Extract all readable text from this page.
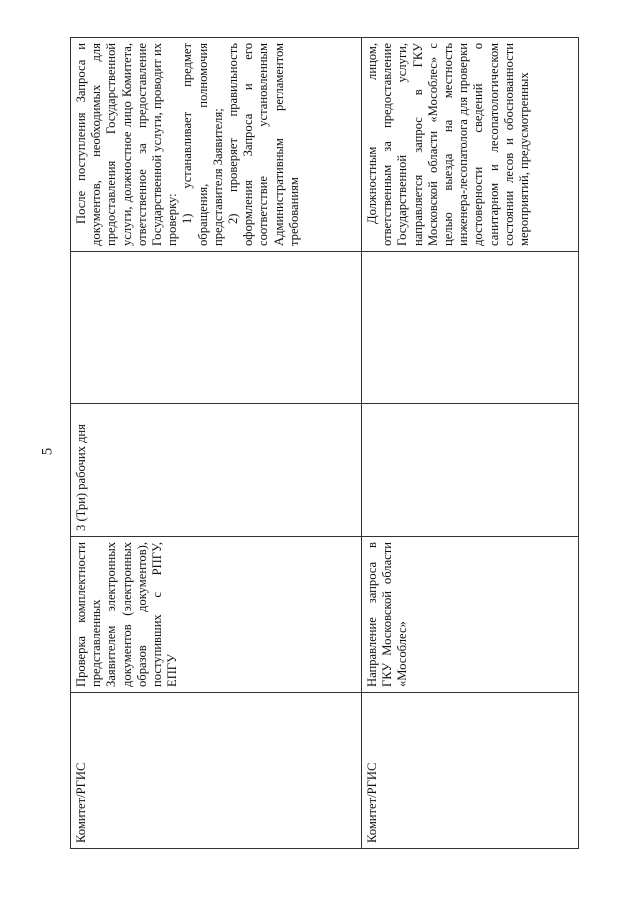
5
Комитет/РГИС
Проверка комплектности представленных Заявителем электронных документов (электронных образов документов), поступивших с РПГУ, ЕПГУ
3 (Три) рабочих дня

После поступления Запроса и документов, необходимых для предоставления Государственной услуги, должностное лицо Комитета, ответственное за предоставление Государственной услуги, проводит их проверку: 1) устанавливает предмет обращения, полномочия представителя Заявителя; 2) проверяет правильность оформления Запроса и его соответствие установленным Административным регламентом требованиям

Комитет/РГИС
Направление запроса в ГКУ Московской области «Мособлес»

Должностным лицом, ответственным за предоставление Государственной услуги, направляется запрос в ГКУ Московской области «Мособлес» с целью выезда на местность инженера-лесопатолога для проверки достоверности сведений о санитарном и лесопатологическом состоянии лесов и обоснованности мероприятий, предусмотренных
